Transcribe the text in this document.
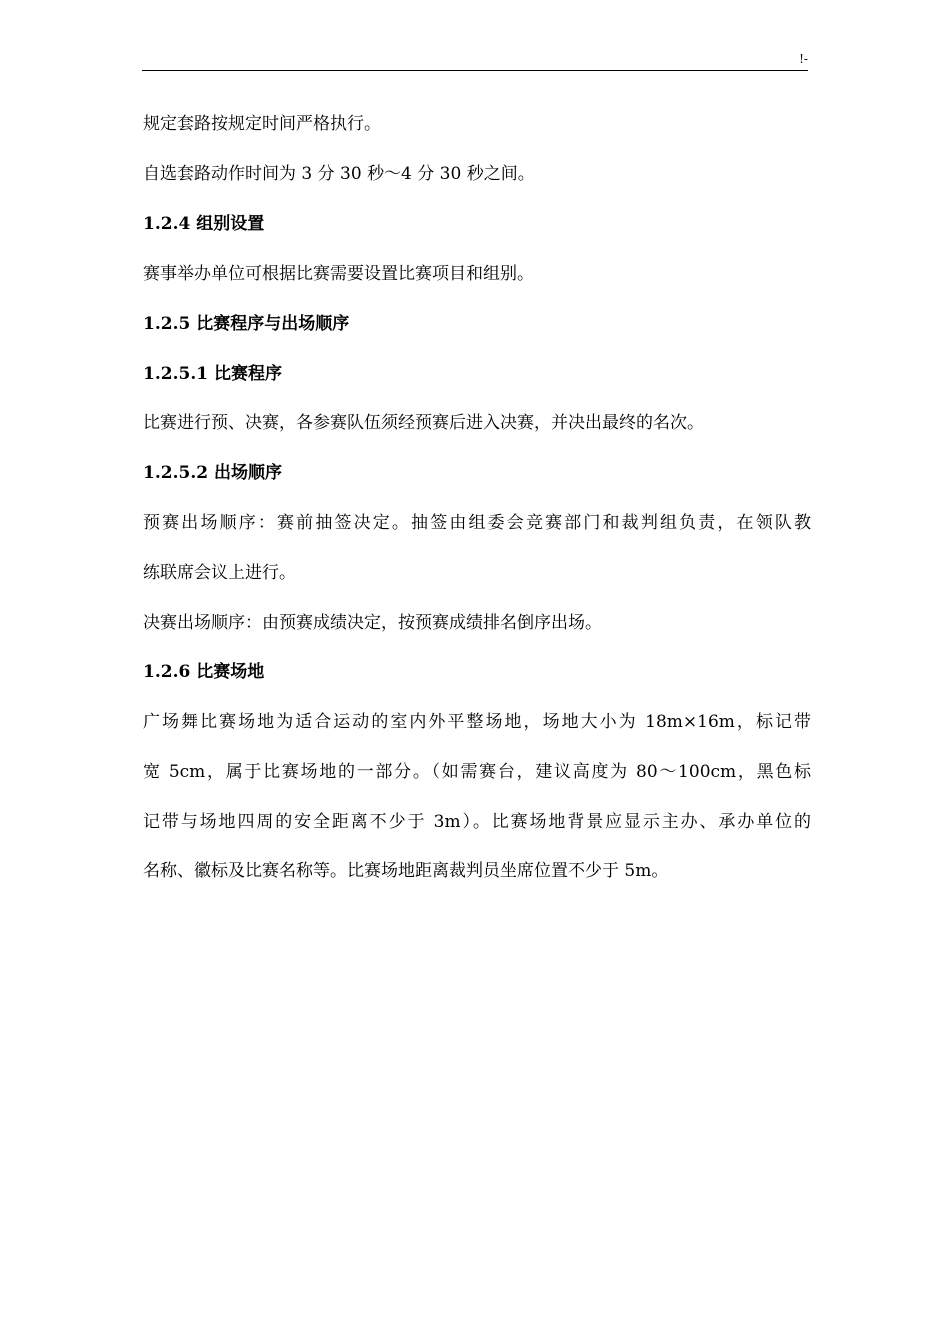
!-
规定套路按规定时间严格执行。
自选套路动作时间为 3 分 30 秒～4 分 30 秒之间。
1.2.4 组别设置
赛事举办单位可根据比赛需要设置比赛项目和组别。
1.2.5 比赛程序与出场顺序
1.2.5.1 比赛程序
比赛进行预、决赛，各参赛队伍须经预赛后进入决赛，并决出最终的名次。
1.2.5.2 出场顺序
预赛出场顺序：赛前抽签决定。抽签由组委会竞赛部门和裁判组负责，在领队教
练联席会议上进行。
决赛出场顺序：由预赛成绩决定，按预赛成绩排名倒序出场。
1.2.6 比赛场地
广场舞比赛场地为适合运动的室内外平整场地，场地大小为 18m×16m，标记带
宽 5cm，属于比赛场地的一部分。（如需赛台，建议高度为 80～100cm，黑色标
记带与场地四周的安全距离不少于 3m）。比赛场地背景应显示主办、承办单位的
名称、徽标及比赛名称等。比赛场地距离裁判员坐席位置不少于 5m。
